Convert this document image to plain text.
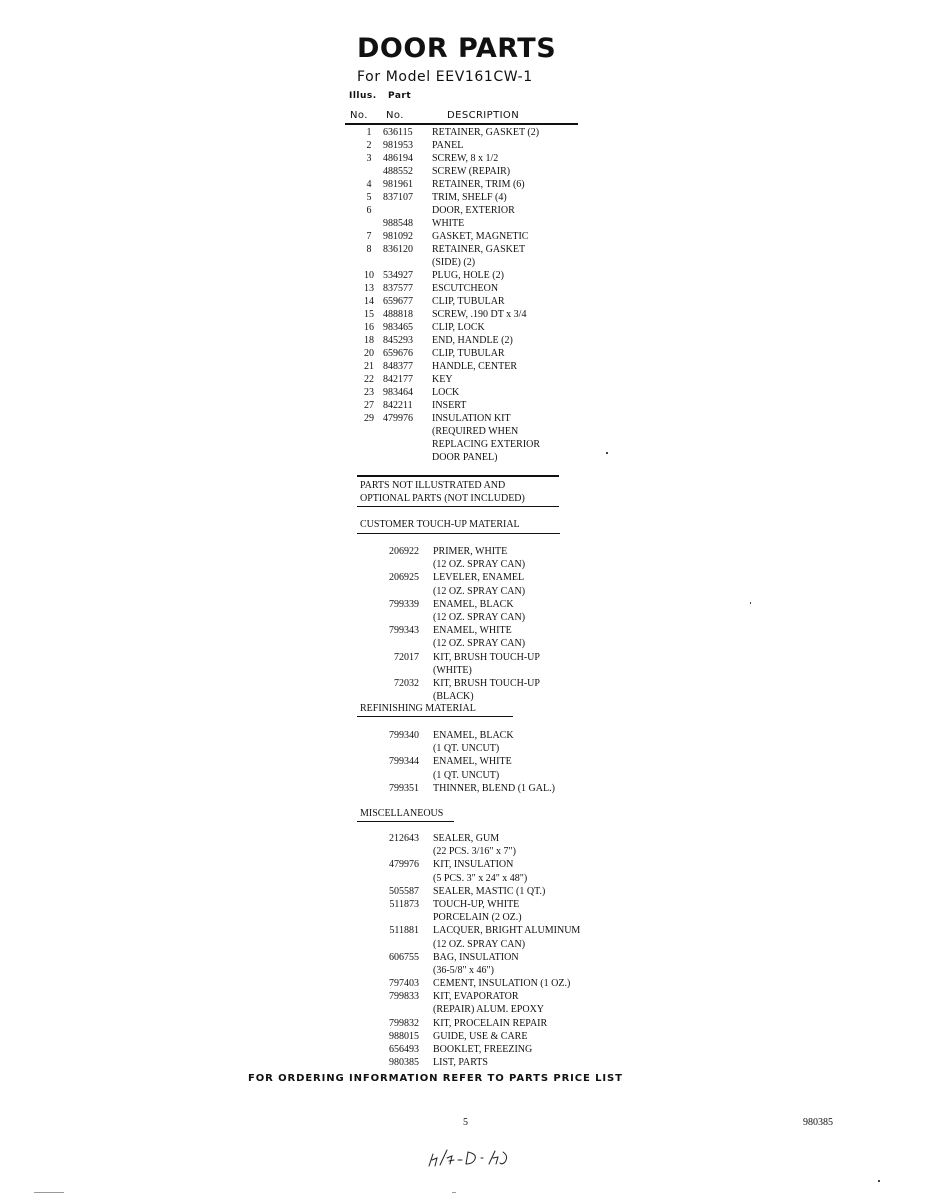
DOOR PARTS
For Model EEV161CW-1
Illus. Part
No. No.	DESCRIPTION
1	636115 RETAINER, GASKET (2)
2	981953 PANEL
3	486194 SCREW, 8 x 1/2
488552 SCREW (REPAIR)
4	981961 RETAINER, TRIM (6)
5	837107 TRIM, SHELF (4)
6	DOOR, EXTERIOR
988548 WHITE
7	981092 GASKET, MAGNETIC
8	836120 RETAINER, GASKET
(SIDE) (2)
10 534927 PLUG, HOLE (2)
13 837577 ESCUTCHEON
14 659677 CLIP, TUBULAR
15 488818 SCREW, .190 DT x 3/4
16 983465 CLIP, LOCK
18 845293 END, HANDLE (2)
20 659676 CLIP, TUBULAR
21 848377 HANDLE, CENTER
22 842177 KEY
23 983464 LOCK
27 842211 INSERT
29 479976 INSULATION KIT
(REQUIRED WHEN
REPLACING EXTERIOR
DOOR PANEL)
PARTS NOT ILLUSTRATED AND
OPTIONAL PARTS (NOT INCLUDED)
CUSTOMER TOUCH-UP MATERIAL
206922 PRIMER, WHITE
(12 OZ. SPRAY CAN)
206925 LEVELER, ENAMEL
(12 OZ. SPRAY CAN)
799339 ENAMEL, BLACK
(12 OZ. SPRAY CAN)
799343 ENAMEL, WHITE
(12 OZ. SPRAY CAN)
72017 KIT, BRUSH TOUCH-UP
(WHITE)
72032 KIT, BRUSH TOUCH-UP
(BLACK)
REFINISHING MATERIAL
799340 ENAMEL, BLACK
(1 QT. UNCUT)
799344 ENAMEL, WHITE
(1 QT. UNCUT)
799351 THINNER, BLEND (1 GAL.)
MISCELLANEOUS
212643 SEALER, GUM
(22 PCS. 3/16" x 7")
479976 KIT, INSULATION
(5 PCS. 3" x 24" x 48")
505587 SEALER, MASTIC (1 QT.)
511873 TOUCH-UP, WHITE
PORCELAIN (2 OZ.)
511881 LACQUER, BRIGHT ALUMINUM
(12 OZ. SPRAY CAN)
606755 BAG, INSULATION
(36-5/8" x 46")
797403 CEMENT, INSULATION (1 OZ.)
799833 KIT, EVAPORATOR
(REPAIR) ALUM. EPOXY
799832 KIT, PROCELAIN REPAIR
988015 GUIDE, USE & CARE
656493 BOOKLET, FREEZING
980385 LIST, PARTS
FOR ORDERING INFORMATION REFER TO PARTS PRICE LIST
5	980385
